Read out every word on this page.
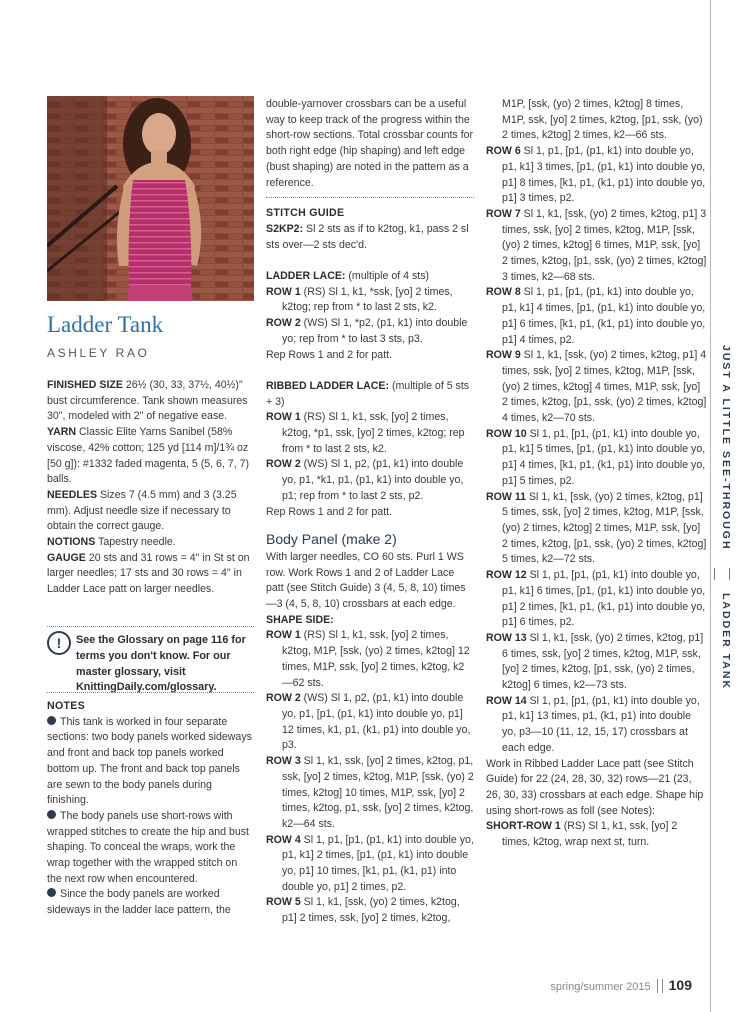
Ladder Tank
ASHLEY RAO

FINISHED SIZE 26½ (30, 33, 37½, 40½)" bust circumference. Tank shown measures 30", modeled with 2" of negative ease.

YARN Classic Elite Yarns Sanibel (58% viscose, 42% cotton; 125 yd [114 m]/1¾ oz [50 g]): #1332 faded magenta, 5 (5, 6, 7, 7) balls.

NEEDLES Sizes 7 (4.5 mm) and 3 (3.25 mm). Adjust needle size if necessary to obtain the correct gauge.

NOTIONS Tapestry needle.

GAUGE 20 sts and 31 rows = 4" in St st on larger needles; 17 sts and 30 rows = 4" in Ladder Lace patt on larger needles.

!	See the Glossary on page 116 for terms you don't know. For our master glossary, visit KnittingDaily.com/glossary.
NOTES

This tank is worked in four separate sections: two body panels worked sideways and front and back top panels worked bottom up. The front and back top panels are sewn to the body panels during finishing.

The body panels use short-rows with wrapped stitches to create the hip and bust shaping. To conceal the wraps, work the wrap together with the wrapped stitch on the next row when encountered.

Since the body panels are worked sideways in the ladder lace pattern, the

double-yarnover crossbars can be a useful way to keep track of the progress within the short-row sections. Total crossbar counts for both right edge (hip shaping) and left edge (bust shaping) are noted in the pattern as a reference.

STITCH GUIDE

S2KP2: Sl 2 sts as if to k2tog, k1, pass 2 sl sts over—2 sts dec'd.

LADDER LACE: (multiple of 4 sts)

ROW 1 (RS) Sl 1, k1, *ssk, [yo] 2 times, k2tog; rep from * to last 2 sts, k2.

ROW 2 (WS) Sl 1, *p2, (p1, k1) into double yo; rep from * to last 3 sts, p3.

Rep Rows 1 and 2 for patt.

RIBBED LADDER LACE: (multiple of 5 sts + 3)

ROW 1 (RS) Sl 1, k1, ssk, [yo] 2 times, k2tog, *p1, ssk, [yo] 2 times, k2tog; rep from * to last 2 sts, k2.

ROW 2 (WS) Sl 1, p2, (p1, k1) into double yo, p1, *k1, p1, (p1, k1) into double yo, p1; rep from * to last 2 sts, p2.

Rep Rows 1 and 2 for patt.

Body Panel (make 2)

With larger needles, CO 60 sts. Purl 1 WS row. Work Rows 1 and 2 of Ladder Lace patt (see Stitch Guide) 3 (4, 5, 8, 10) times—3 (4, 5, 8, 10) crossbars at each edge. SHAPE SIDE:

ROW 1 (RS) Sl 1, k1, ssk, [yo] 2 times, k2tog, M1P, [ssk, (yo) 2 times, k2tog] 12 times, M1P, ssk, [yo] 2 times, k2tog, k2—62 sts.

ROW 2 (WS) Sl 1, p2, (p1, k1) into double yo, p1, [p1, (p1, k1) into double yo, p1] 12 times, k1, p1, (k1, p1) into double yo, p3.

ROW 3 Sl 1, k1, ssk, [yo] 2 times, k2tog, p1, ssk, [yo] 2 times, k2tog, M1P, [ssk, (yo) 2 times, k2tog] 10 times, M1P, ssk, [yo] 2 times, k2tog, p1, ssk, [yo] 2 times, k2tog, k2—64 sts.

ROW 4 Sl 1, p1, [p1, (p1, k1) into double yo, p1, k1] 2 times, [p1, (p1, k1) into double yo, p1] 10 times, [k1, p1, (k1, p1) into double yo, p1] 2 times, p2.

ROW 5 Sl 1, k1, [ssk, (yo) 2 times, k2tog, p1] 2 times, ssk, [yo] 2 times, k2tog,

M1P, [ssk, (yo) 2 times, k2tog] 8 times, M1P, ssk, [yo] 2 times, k2tog, [p1, ssk, (yo) 2 times, k2tog] 2 times, k2—66 sts.

ROW 6 Sl 1, p1, [p1, (p1, k1) into double yo, p1, k1] 3 times, [p1, (p1, k1) into double yo, p1] 8 times, [k1, p1, (k1, p1) into double yo, p1] 3 times, p2.

ROW 7 Sl 1, k1, [ssk, (yo) 2 times, k2tog, p1] 3 times, ssk, [yo] 2 times, k2tog, M1P, [ssk, (yo) 2 times, k2tog] 6 times, M1P, ssk, [yo] 2 times, k2tog, [p1, ssk, (yo) 2 times, k2tog] 3 times, k2—68 sts.

ROW 8 Sl 1, p1, [p1, (p1, k1) into double yo, p1, k1] 4 times, [p1, (p1, k1) into double yo, p1] 6 times, [k1, p1, (k1, p1) into double yo, p1] 4 times, p2.

ROW 9 Sl 1, k1, [ssk, (yo) 2 times, k2tog, p1] 4 times, ssk, [yo] 2 times, k2tog, M1P, [ssk, (yo) 2 times, k2tog] 4 times, M1P, ssk, [yo] 2 times, k2tog, [p1, ssk, (yo) 2 times, k2tog] 4 times, k2—70 sts.

ROW 10 Sl 1, p1, [p1, (p1, k1) into double yo, p1, k1] 5 times, [p1, (p1, k1) into double yo, p1] 4 times, [k1, p1, (k1, p1) into double yo, p1] 5 times, p2.

ROW 11 Sl 1, k1, [ssk, (yo) 2 times, k2tog, p1] 5 times, ssk, [yo] 2 times, k2tog, M1P, [ssk, (yo) 2 times, k2tog] 2 times, M1P, ssk, [yo] 2 times, k2tog, [p1, ssk, (yo) 2 times, k2tog] 5 times, k2—72 sts.

ROW 12 Sl 1, p1, [p1, (p1, k1) into double yo, p1, k1] 6 times, [p1, (p1, k1) into double yo, p1] 2 times, [k1, p1, (k1, p1) into double yo, p1] 6 times, p2.

ROW 13 Sl 1, k1, [ssk, (yo) 2 times, k2tog, p1] 6 times, ssk, [yo] 2 times, k2tog, M1P, ssk, [yo] 2 times, k2tog, [p1, ssk, (yo) 2 times, k2tog] 6 times, k2—73 sts.

ROW 14 Sl 1, p1, [p1, (p1, k1) into double yo, p1, k1] 13 times, p1, (k1, p1) into double yo, p3—10 (11, 12, 15, 17) crossbars at each edge.

Work in Ribbed Ladder Lace patt (see Stitch Guide) for 22 (24, 28, 30, 32) rows—21 (23, 26, 30, 33) crossbars at each edge. Shape hip using short-rows as foll (see Notes):

SHORT-ROW 1 (RS) Sl 1, k1, ssk, [yo] 2 times, k2tog, wrap next st, turn.

JUST A LITTLE SEE-THROUGH
LADDER TANK
spring/summer 2015 109
